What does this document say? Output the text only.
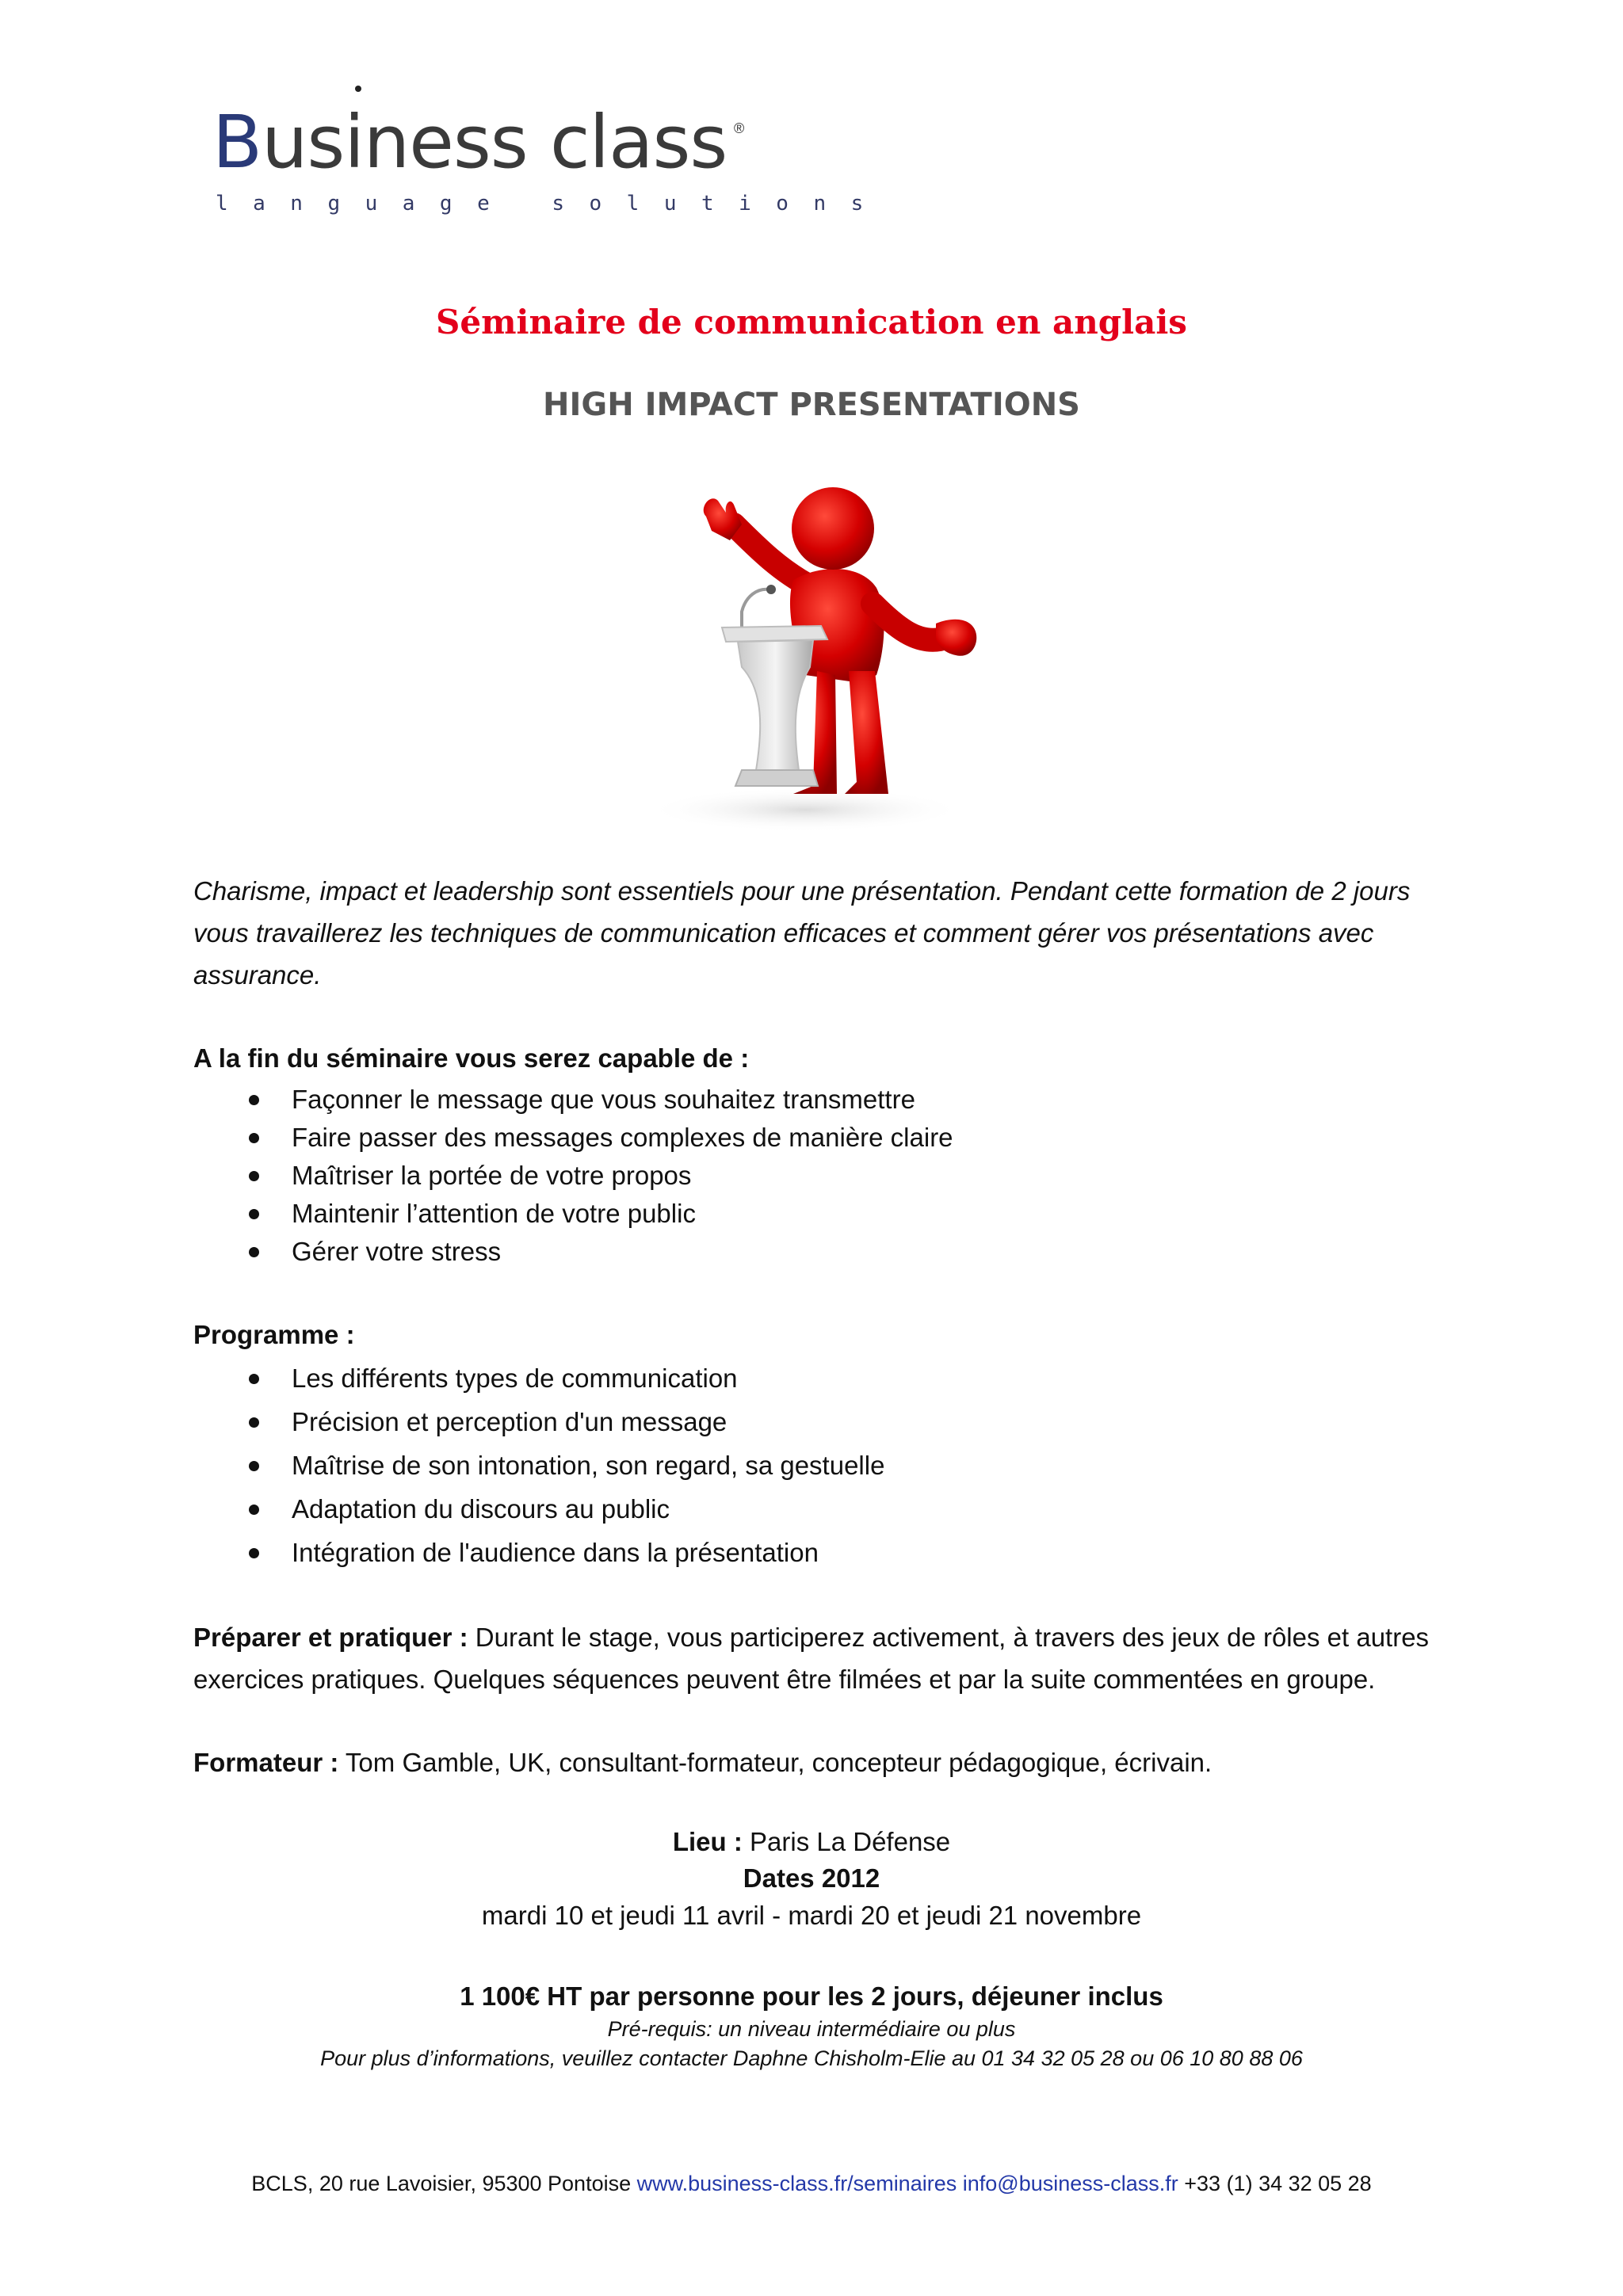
Business class ®
language solutions
Séminaire de communication en anglais
HIGH IMPACT PRESENTATIONS
Charisme, impact et leadership sont essentiels pour une présentation. Pendant cette formation de 2 jours vous travaillerez les techniques de communication efficaces et comment gérer vos présentations avec assurance.
A la fin du séminaire vous serez capable de :
Façonner le message que vous souhaitez transmettre
Faire passer des messages complexes de manière claire
Maîtriser la portée de votre propos
Maintenir l’attention de votre public
Gérer votre stress
Programme :
Les différents types de communication
Précision et perception d'un message
Maîtrise de son intonation, son regard, sa gestuelle
Adaptation du discours au public
Intégration de l'audience dans la présentation
Préparer et pratiquer : Durant le stage, vous participerez activement, à travers des jeux de rôles et autres exercices pratiques. Quelques séquences peuvent être filmées et par la suite commentées en groupe.
Formateur : Tom Gamble, UK, consultant-formateur, concepteur pédagogique, écrivain.
Lieu : Paris La Défense
Dates 2012
mardi 10 et jeudi 11 avril - mardi 20 et jeudi 21 novembre
1 100€ HT par personne pour les 2 jours, déjeuner inclus
Pré-requis: un niveau intermédiaire ou plus
Pour plus d’informations, veuillez contacter Daphne Chisholm-Elie au 01 34 32 05 28 ou 06 10 80 88 06
BCLS, 20 rue Lavoisier, 95300 Pontoise www.business-class.fr/seminaires info@business-class.fr +33 (1) 34 32 05 28
